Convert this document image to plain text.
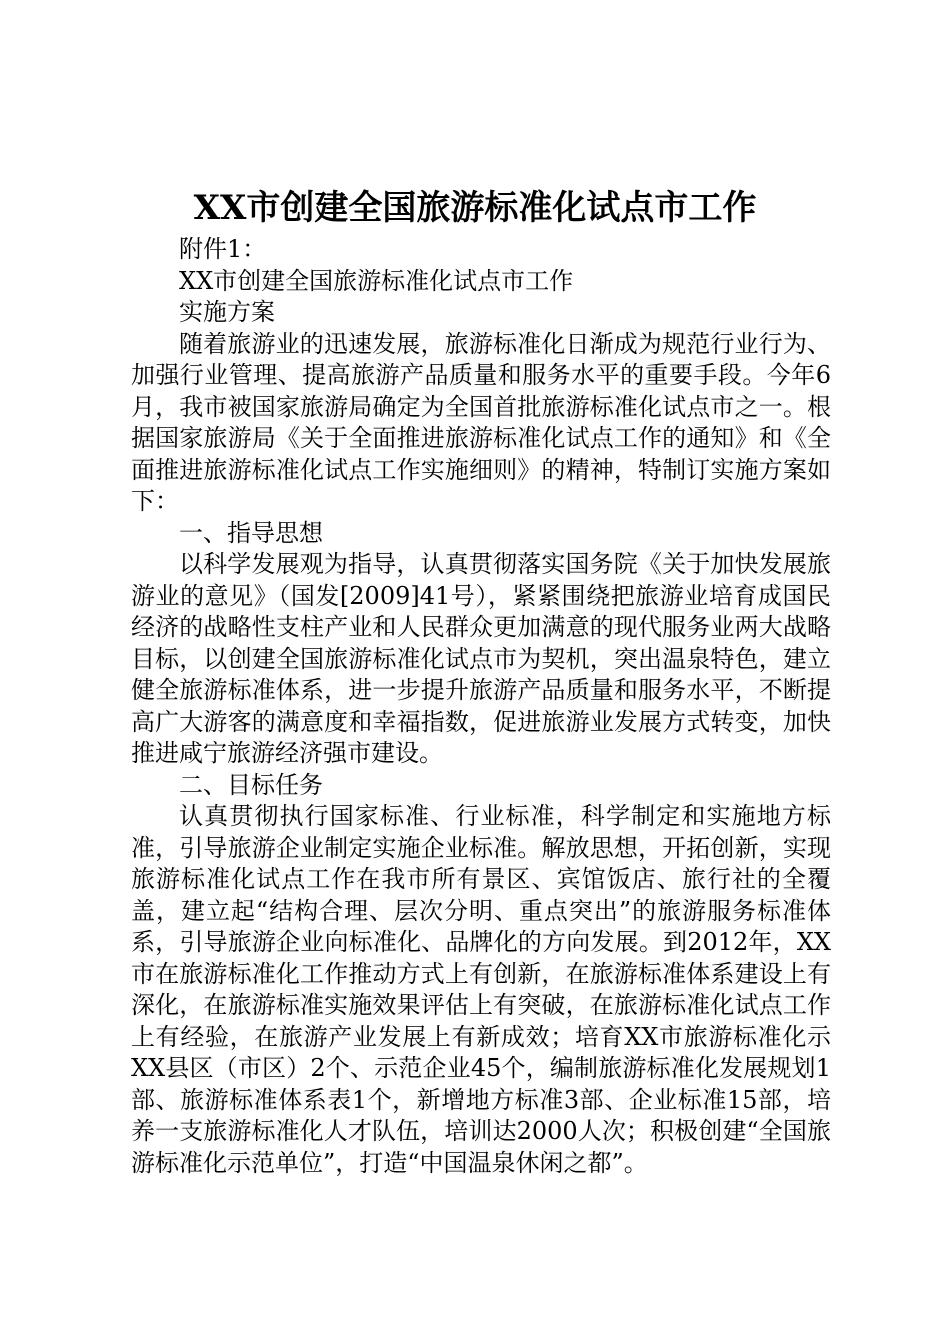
XX市创建全国旅游标准化试点市工作

附件1：

XX市创建全国旅游标准化试点市工作

实施方案

随着旅游业的迅速发展，旅游标准化日渐成为规范行业行为、加强行业管理、提高旅游产品质量和服务水平的重要手段。今年6月，我市被国家旅游局确定为全国首批旅游标准化试点市之一。根据国家旅游局《关于全面推进旅游标准化试点工作的通知》和《全面推进旅游标准化试点工作实施细则》的精神，特制订实施方案如下：

一、指导思想

以科学发展观为指导，认真贯彻落实国务院《关于加快发展旅游业的意见》（国发[2009]41号），紧紧围绕把旅游业培育成国民经济的战略性支柱产业和人民群众更加满意的现代服务业两大战略目标，以创建全国旅游标准化试点市为契机，突出温泉特色，建立健全旅游标准体系，进一步提升旅游产品质量和服务水平，不断提高广大游客的满意度和幸福指数，促进旅游业发展方式转变，加快推进咸宁旅游经济强市建设。

二、目标任务

认真贯彻执行国家标准、行业标准，科学制定和实施地方标准，引导旅游企业制定实施企业标准。解放思想，开拓创新，实现旅游标准化试点工作在我市所有景区、宾馆饭店、旅行社的全覆盖，建立起“结构合理、层次分明、重点突出”的旅游服务标准体系，引导旅游企业向标准化、品牌化的方向发展。到2012年，XX市在旅游标准化工作推动方式上有创新，在旅游标准体系建设上有深化，在旅游标准实施效果评估上有突破，在旅游标准化试点工作上有经验，在旅游产业发展上有新成效；培育XX市旅游标准化示XX县区（市区）2个、示范企业45个，编制旅游标准化发展规划1部、旅游标准体系表1个，新增地方标准3部、企业标准15部，培养一支旅游标准化人才队伍，培训达2000人次；积极创建“全国旅游标准化示范单位”，打造“中国温泉休闲之都”。
